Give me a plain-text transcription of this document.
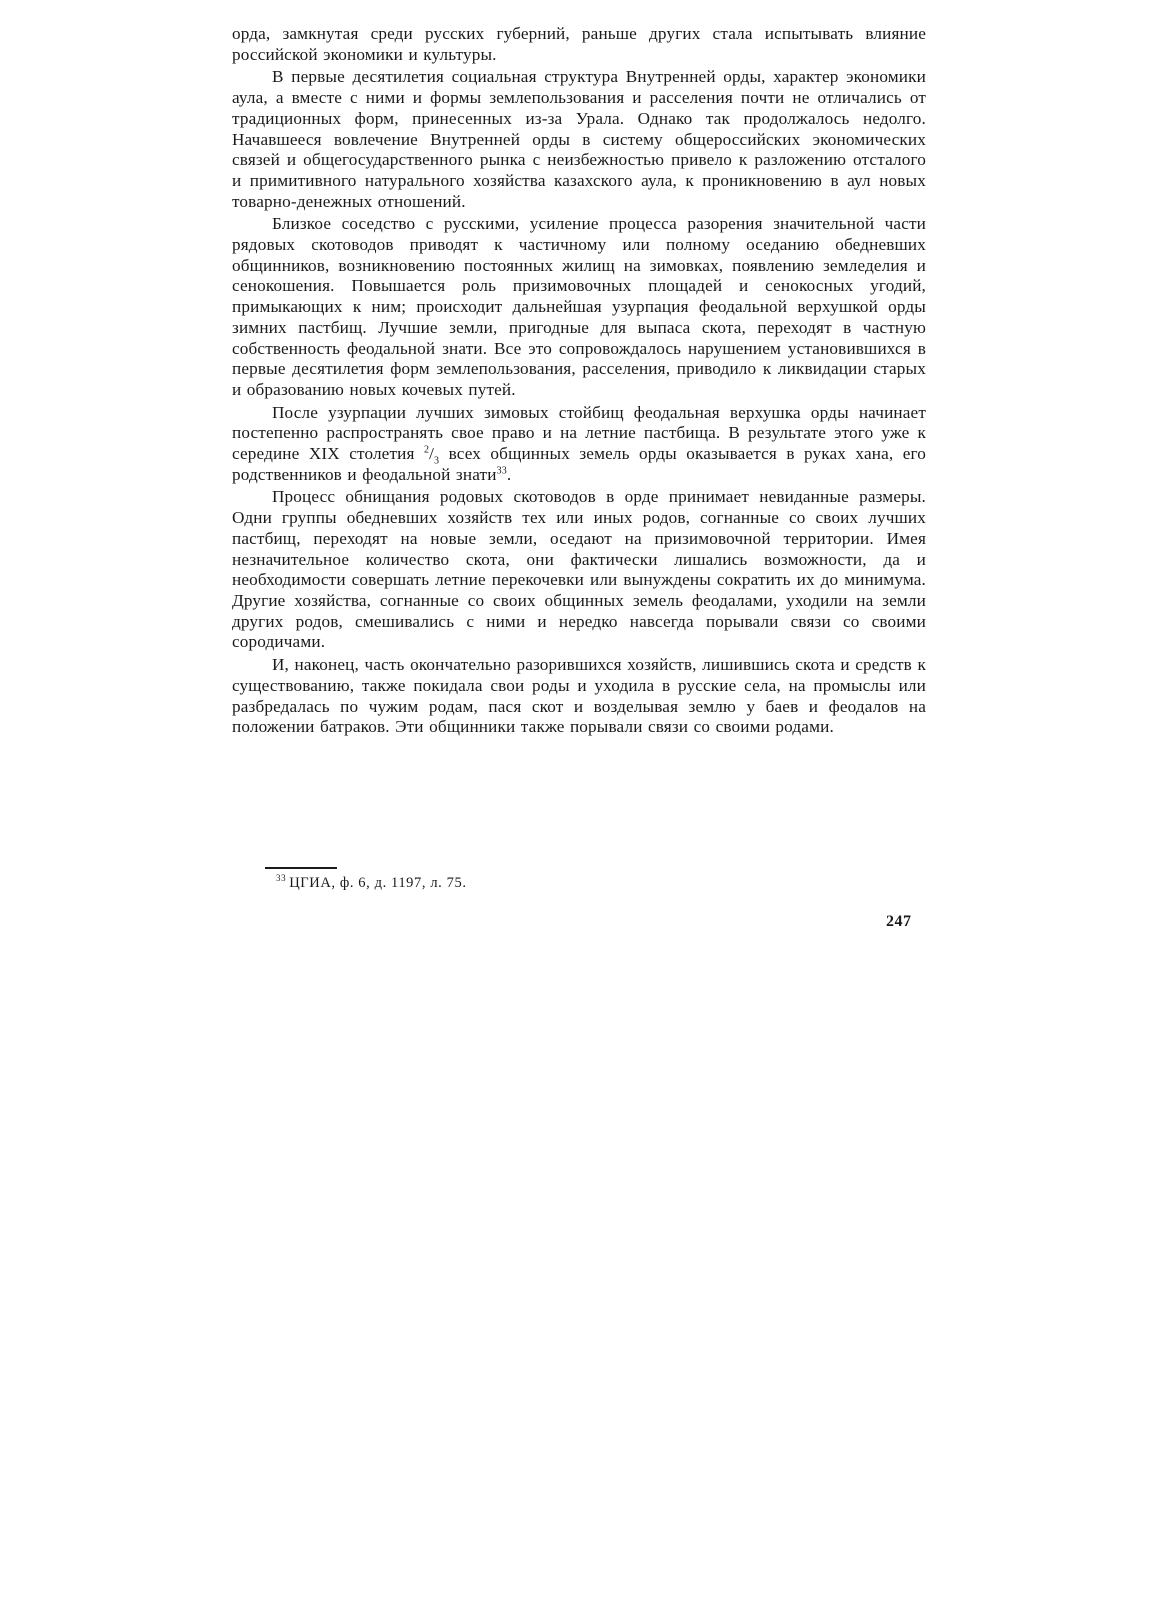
орда, замкнутая среди русских губерний, раньше других стала испытывать влияние российской экономики и культуры.

В первые десятилетия социальная структура Внутренней орды, характер экономики аула, а вместе с ними и формы землепользования и расселения почти не отличались от традиционных форм, принесенных из-за Урала. Однако так продолжалось недолго. Начавшееся вовлечение Внутренней орды в систему общероссийских экономических связей и общегосударственного рынка с неизбежностью привело к разложению отсталого и примитивного натурального хозяйства казахского аула, к проникновению в аул новых товарно-денежных отношений.

Близкое соседство с русскими, усиление процесса разорения значительной части рядовых скотоводов приводят к частичному или полному оседанию обедневших общинников, возникновению постоянных жилищ на зимовках, появлению земледелия и сенокошения. Повышается роль призимовочных площадей и сенокосных угодий, примыкающих к ним; происходит дальнейшая узурпация феодальной верхушкой орды зимних пастбищ. Лучшие земли, пригодные для выпаса скота, переходят в частную собственность феодальной знати. Все это сопровождалось нарушением установившихся в первые десятилетия форм землепользования, расселения, приводило к ликвидации старых и образованию новых кочевых путей.

После узурпации лучших зимовых стойбищ феодальная верхушка орды начинает постепенно распространять свое право и на летние пастбища. В результате этого уже к середине XIX столетия $^2/_3$ всех общинных земель орды оказывается в руках хана, его родственников и феодальной знати$^{33}$.

Процесс обнищания родовых скотоводов в орде принимает невиданные размеры. Одни группы обедневших хозяйств тех или иных родов, согнанные со своих лучших пастбищ, переходят на новые земли, оседают на призимовочной территории. Имея незначительное количество скота, они фактически лишались возможности, да и необходимости совершать летние перекочевки или вынуждены сократить их до минимума. Другие хозяйства, согнанные со своих общинных земель феодалами, уходили на земли других родов, смешивались с ними и нередко навсегда порывали связи со своими сородичами.

И, наконец, часть окончательно разорившихся хозяйств, лишившись скота и средств к существованию, также покидала свои роды и уходила в русские села, на промыслы или разбредалась по чужим родам, пася скот и возделывая землю у баев и феодалов на положении батраков. Эти общинники также порывали связи со своими родами.

$^{33}$ ЦГИА, ф. 6, д. 1197, л. 75.
247
